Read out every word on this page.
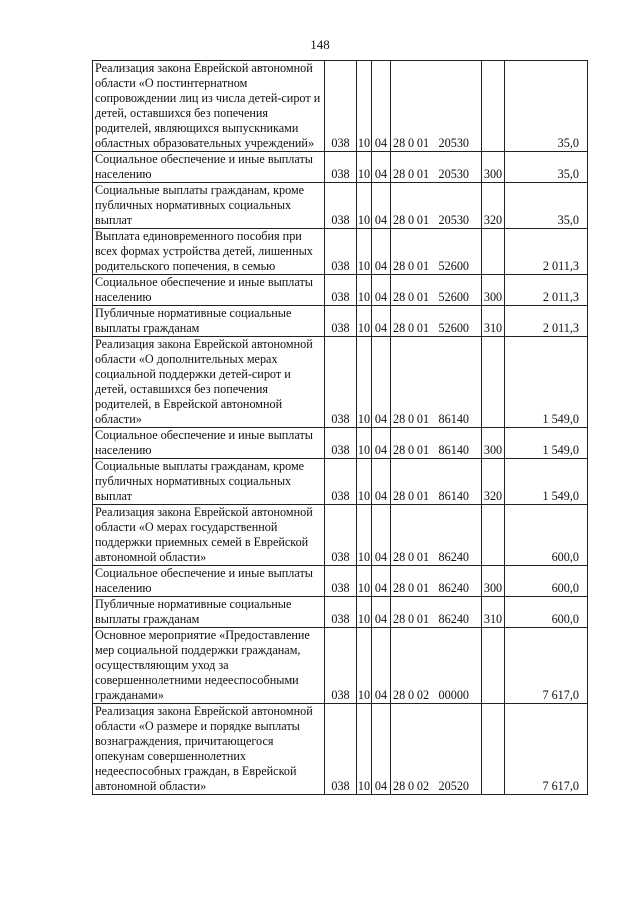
148
Реализация закона Еврейской автономной области «О постинтернатном сопровождении лиц из числа детей-сирот и детей, оставшихся без попечения родителей, являющихся выпускниками областных образовательных учреждений»	038	10	04	28 0 01 20530		35,0
Социальное обеспечение и иные выплаты населению	038	10	04	28 0 01 20530	300	35,0
Социальные выплаты гражданам, кроме публичных нормативных социальных выплат	038	10	04	28 0 01 20530	320	35,0
Выплата единовременного пособия при всех формах устройства детей, лишенных родительского попечения, в семью	038	10	04	28 0 01 52600		2 011,3
Социальное обеспечение и иные выплаты населению	038	10	04	28 0 01 52600	300	2 011,3
Публичные нормативные социальные выплаты гражданам	038	10	04	28 0 01 52600	310	2 011,3
Реализация закона Еврейской автономной области «О дополнительных мерах социальной поддержки детей-сирот и детей, оставшихся без попечения родителей, в Еврейской автономной области»	038	10	04	28 0 01 86140		1 549,0
Социальное обеспечение и иные выплаты населению	038	10	04	28 0 01 86140	300	1 549,0
Социальные выплаты гражданам, кроме публичных нормативных социальных выплат	038	10	04	28 0 01 86140	320	1 549,0
Реализация закона Еврейской автономной области «О мерах государственной поддержки приемных семей в Еврейской автономной области»	038	10	04	28 0 01 86240		600,0
Социальное обеспечение и иные выплаты населению	038	10	04	28 0 01 86240	300	600,0
Публичные нормативные социальные выплаты гражданам	038	10	04	28 0 01 86240	310	600,0
Основное мероприятие «Предоставление мер социальной поддержки гражданам, осуществляющим уход за совершеннолетними недееспособными гражданами»	038	10	04	28 0 02 00000		7 617,0
Реализация закона Еврейской автономной области «О размере и порядке выплаты вознаграждения, причитающегося опекунам совершеннолетних недееспособных граждан, в Еврейской автономной области»	038	10	04	28 0 02 20520		7 617,0
